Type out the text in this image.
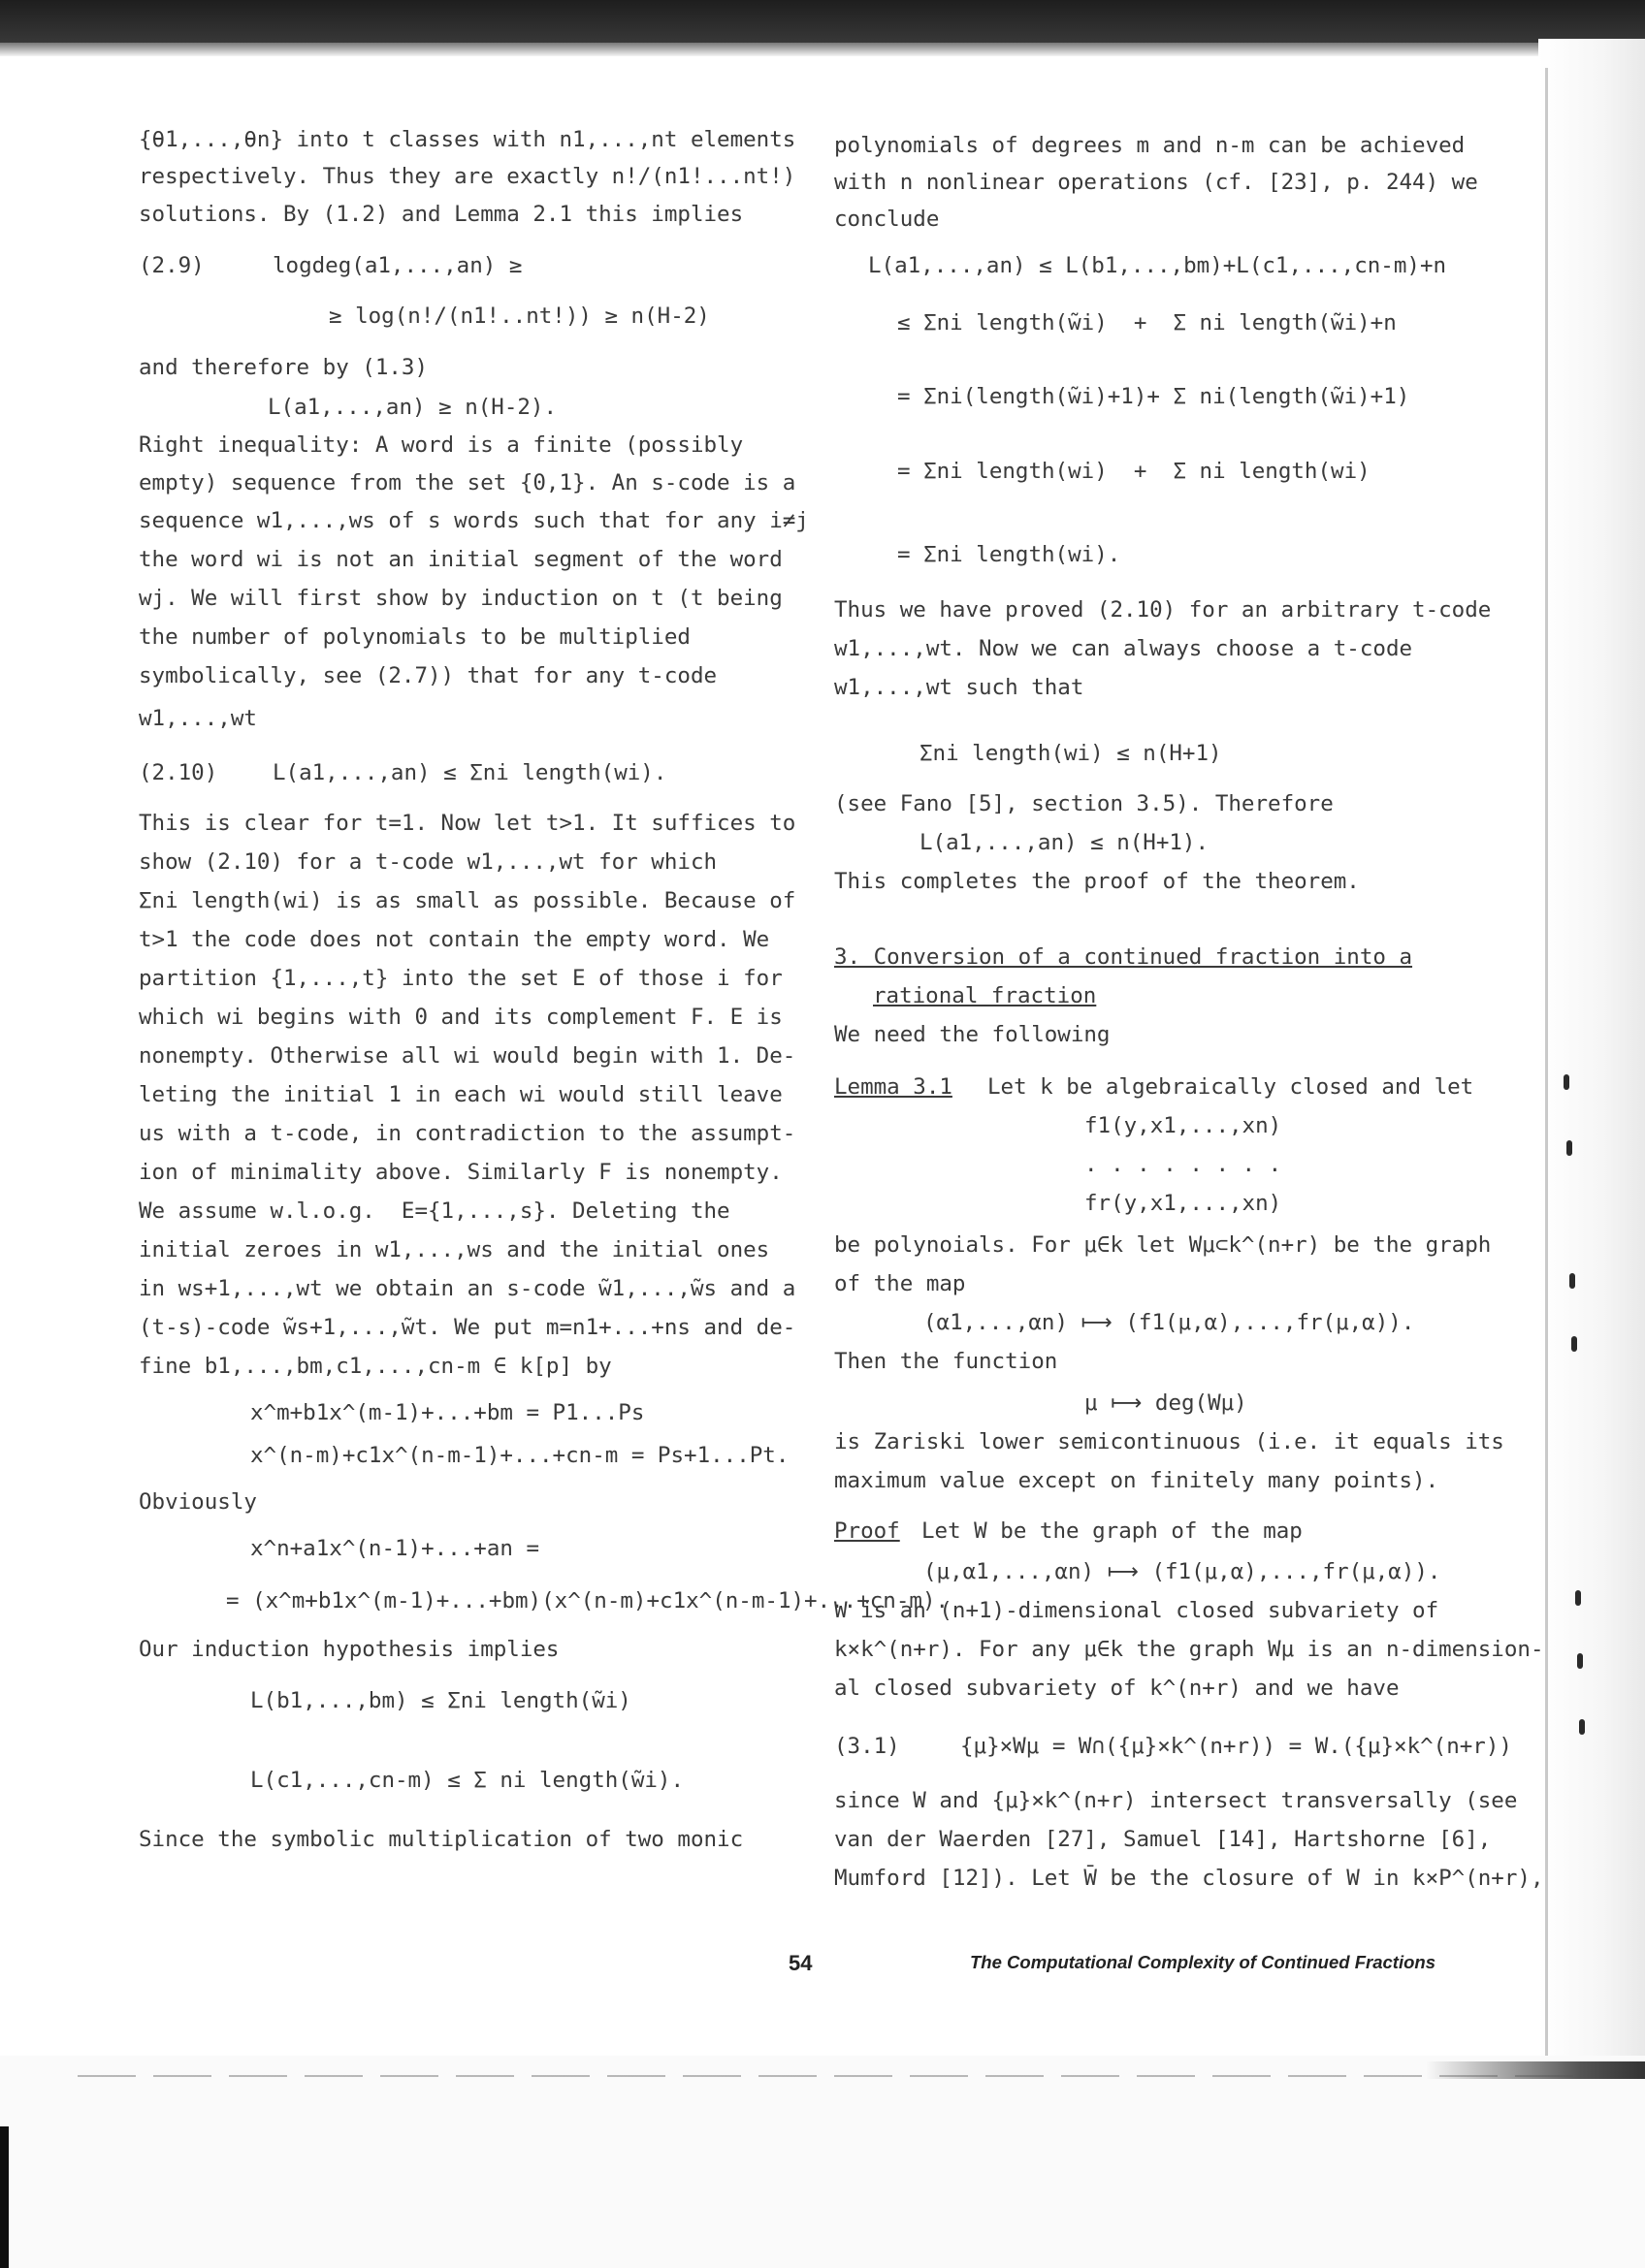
{θ1,...,θn} into t classes with n1,...,nt elements
respectively. Thus they are exactly n!/(n1!...nt!)
solutions. By (1.2) and Lemma 2.1 this implies
(2.9)	logdeg(a1,...,an) ≥
≥ log(n!/(n1!..nt!)) ≥ n(H-2)
and therefore by (1.3)
L(a1,...,an) ≥ n(H-2).
Right inequality: A word is a finite (possibly
empty) sequence from the set {0,1}. An s-code is a
sequence w1,...,ws of s words such that for any i≠j
the word wi is not an initial segment of the word
wj. We will first show by induction on t (t being
the number of polynomials to be multiplied
symbolically, see (2.7)) that for any t-code
w1,...,wt
(2.10)	L(a1,...,an) ≤ Σni length(wi).
This is clear for t=1. Now let t>1. It suffices to
show (2.10) for a t-code w1,...,wt for which
Σni length(wi) is as small as possible. Because of
t>1 the code does not contain the empty word. We
partition {1,...,t} into the set E of those i for
which wi begins with 0 and its complement F. E is
nonempty. Otherwise all wi would begin with 1. De-
leting the initial 1 in each wi would still leave
us with a t-code, in contradiction to the assumpt-
ion of minimality above. Similarly F is nonempty.
We assume w.l.o.g.  E={1,...,s}. Deleting the
initial zeroes in w1,...,ws and the initial ones
in ws+1,...,wt we obtain an s-code w̃1,...,w̃s and a
(t-s)-code w̃s+1,...,w̃t. We put m=n1+...+ns and de-
fine b1,...,bm,c1,...,cn-m ∈ k[p] by
x^m+b1x^(m-1)+...+bm = P1...Ps
x^(n-m)+c1x^(n-m-1)+...+cn-m = Ps+1...Pt.
Obviously
x^n+a1x^(n-1)+...+an =
= (x^m+b1x^(m-1)+...+bm)(x^(n-m)+c1x^(n-m-1)+...+cn-m).
Our induction hypothesis implies
L(b1,...,bm) ≤ Σni length(w̃i)
L(c1,...,cn-m) ≤ Σ ni length(w̃i).
Since the symbolic multiplication of two monic
polynomials of degrees m and n-m can be achieved
with n nonlinear operations (cf. [23], p. 244) we
conclude
L(a1,...,an) ≤ L(b1,...,bm)+L(c1,...,cn-m)+n
≤ Σni length(w̃i)  +  Σ ni length(w̃i)+n
= Σni(length(w̃i)+1)+ Σ ni(length(w̃i)+1)
= Σni length(wi)  +  Σ ni length(wi)
= Σni length(wi).
Thus we have proved (2.10) for an arbitrary t-code
w1,...,wt. Now we can always choose a t-code
w1,...,wt such that
Σni length(wi) ≤ n(H+1)
(see Fano [5], section 3.5). Therefore
L(a1,...,an) ≤ n(H+1).
This completes the proof of the theorem.
3. Conversion of a continued fraction into a
rational fraction
We need the following
Lemma 3.1 Let k be algebraically closed and let
f1(y,x1,...,xn)
. . . . . . . .
fr(y,x1,...,xn)
be polynoials. For μ∈k let Wμ⊂k^(n+r) be the graph
of the map
(α1,...,αn) ⟼ (f1(μ,α),...,fr(μ,α)).
Then the function
μ ⟼ deg(Wμ)
is Zariski lower semicontinuous (i.e. it equals its
maximum value except on finitely many points).
Proof Let W be the graph of the map
(μ,α1,...,αn) ⟼ (f1(μ,α),...,fr(μ,α)).
W is an (n+1)-dimensional closed subvariety of
k×k^(n+r). For any μ∈k the graph Wμ is an n-dimension-
al closed subvariety of k^(n+r) and we have
(3.1)	{μ}×Wμ = W∩({μ}×k^(n+r)) = W.({μ}×k^(n+r))
since W and {μ}×k^(n+r) intersect transversally (see
van der Waerden [27], Samuel [14], Hartshorne [6],
Mumford [12]). Let W̄ be the closure of W in k×P^(n+r),
54	The Computational Complexity of Continued Fractions
